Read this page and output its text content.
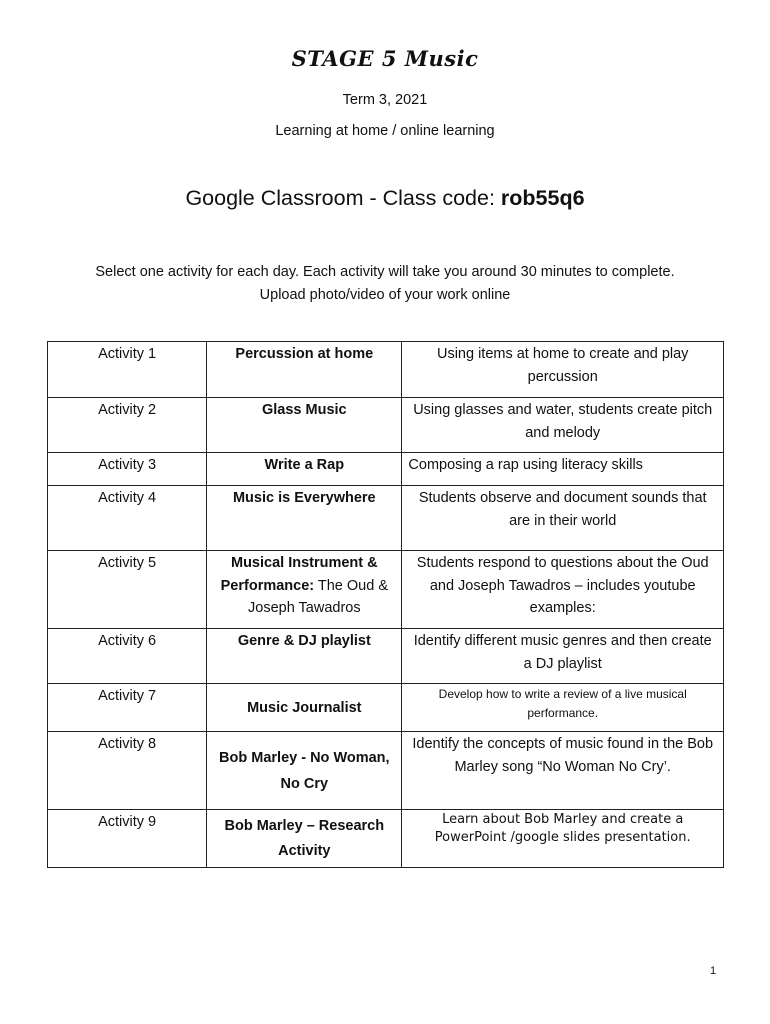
STAGE 5 Music
Term 3, 2021
Learning at home / online learning
Google Classroom - Class code: rob55q6
Select one activity for each day. Each activity will take you around 30 minutes to complete.
Upload photo/video of your work online
Activity 1	Percussion at home	Using items at home to create and play percussion
Activity 2	Glass Music	Using glasses and water, students create pitch and melody
Activity 3	Write a Rap	Composing a rap using literacy skills
Activity 4	Music is Everywhere	Students observe and document sounds that are in their world
Activity 5	Musical Instrument & Performance: The Oud & Joseph Tawadros	Students respond to questions about the Oud and Joseph Tawadros – includes youtube examples:
Activity 6	Genre & DJ playlist	Identify different music genres and then create a DJ playlist
Activity 7	Music Journalist	Develop how to write a review of a live musical performance.
Activity 8	Bob Marley - No Woman, No Cry	Identify the concepts of music found in the Bob Marley song “No Woman No Cry’.
Activity 9	Bob Marley – Research Activity	Learn about Bob Marley and create a PowerPoint /google slides presentation.
1
